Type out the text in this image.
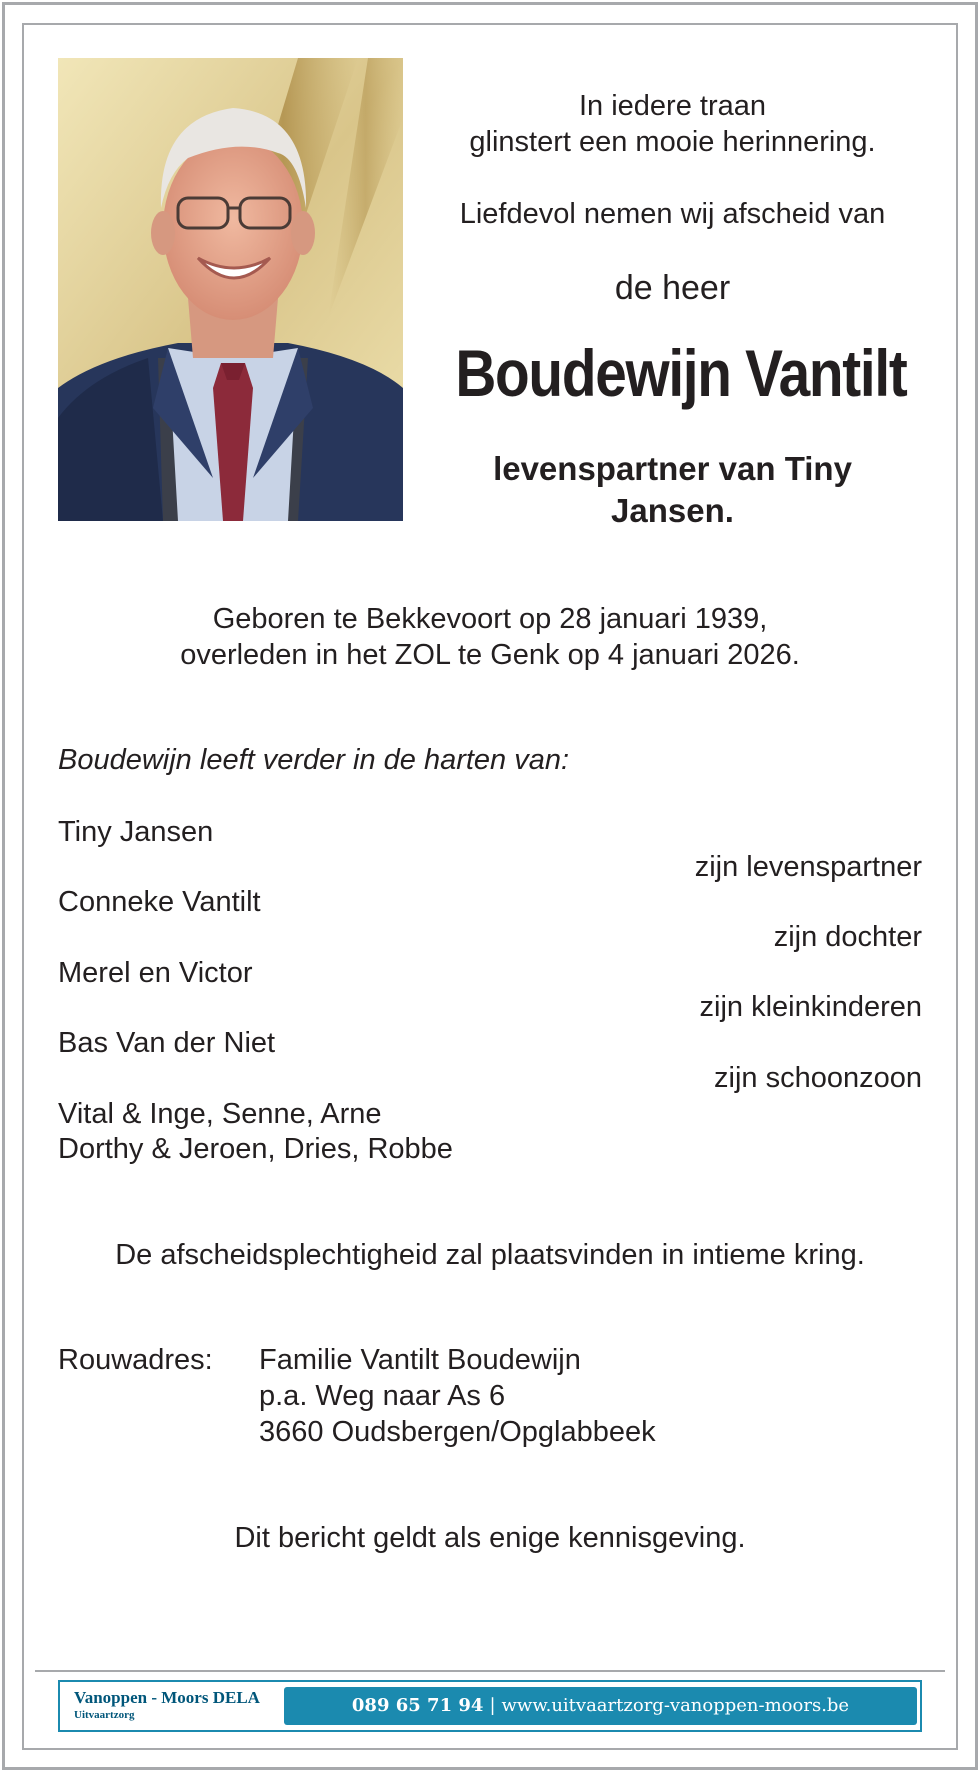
In iedere traan
glinstert een mooie herinnering.
Liefdevol nemen wij afscheid van
de heer
Boudewijn Vantilt
levenspartner van Tiny
Jansen.
Geboren te Bekkevoort op 28 januari 1939,
overleden in het ZOL te Genk op 4 januari 2026.
Boudewijn leeft verder in de harten van:
Tiny Jansen
zijn levenspartner
Conneke Vantilt
zijn dochter
Merel en Victor
zijn kleinkinderen
Bas Van der Niet
zijn schoonzoon
Vital & Inge, Senne, Arne
Dorthy & Jeroen, Dries, Robbe
De afscheidsplechtigheid zal plaatsvinden in intieme kring.
Rouwadres: Familie Vantilt Boudewijn
p.a. Weg naar As 6
3660 Oudsbergen/Opglabbeek
Dit bericht geldt als enige kennisgeving.
Vanoppen - Moors DELA
Uitvaartzorg	089 65 71 94 | www.uitvaartzorg-vanoppen-moors.be
